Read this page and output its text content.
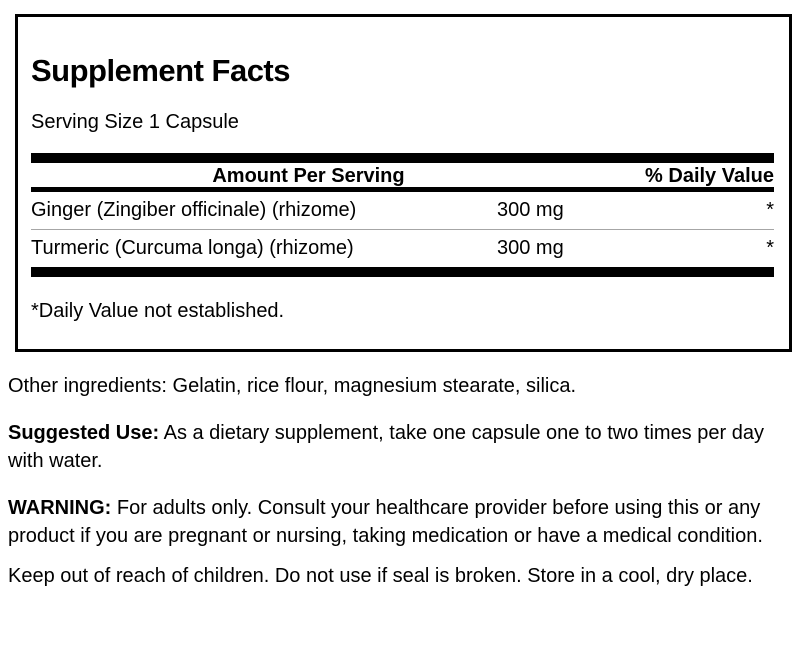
Supplement Facts
Serving Size 1 Capsule
Amount Per Serving	% Daily Value
Ginger (Zingiber officinale) (rhizome)	300 mg	*
Turmeric (Curcuma longa) (rhizome)	300 mg	*
*Daily Value not established.

Other ingredients: Gelatin, rice flour, magnesium stearate, silica.

Suggested Use: As a dietary supplement, take one capsule one to two times per day with water.

WARNING: For adults only. Consult your healthcare provider before using this or any product if you are pregnant or nursing, taking medication or have a medical condition.

Keep out of reach of children. Do not use if seal is broken. Store in a cool, dry place.
